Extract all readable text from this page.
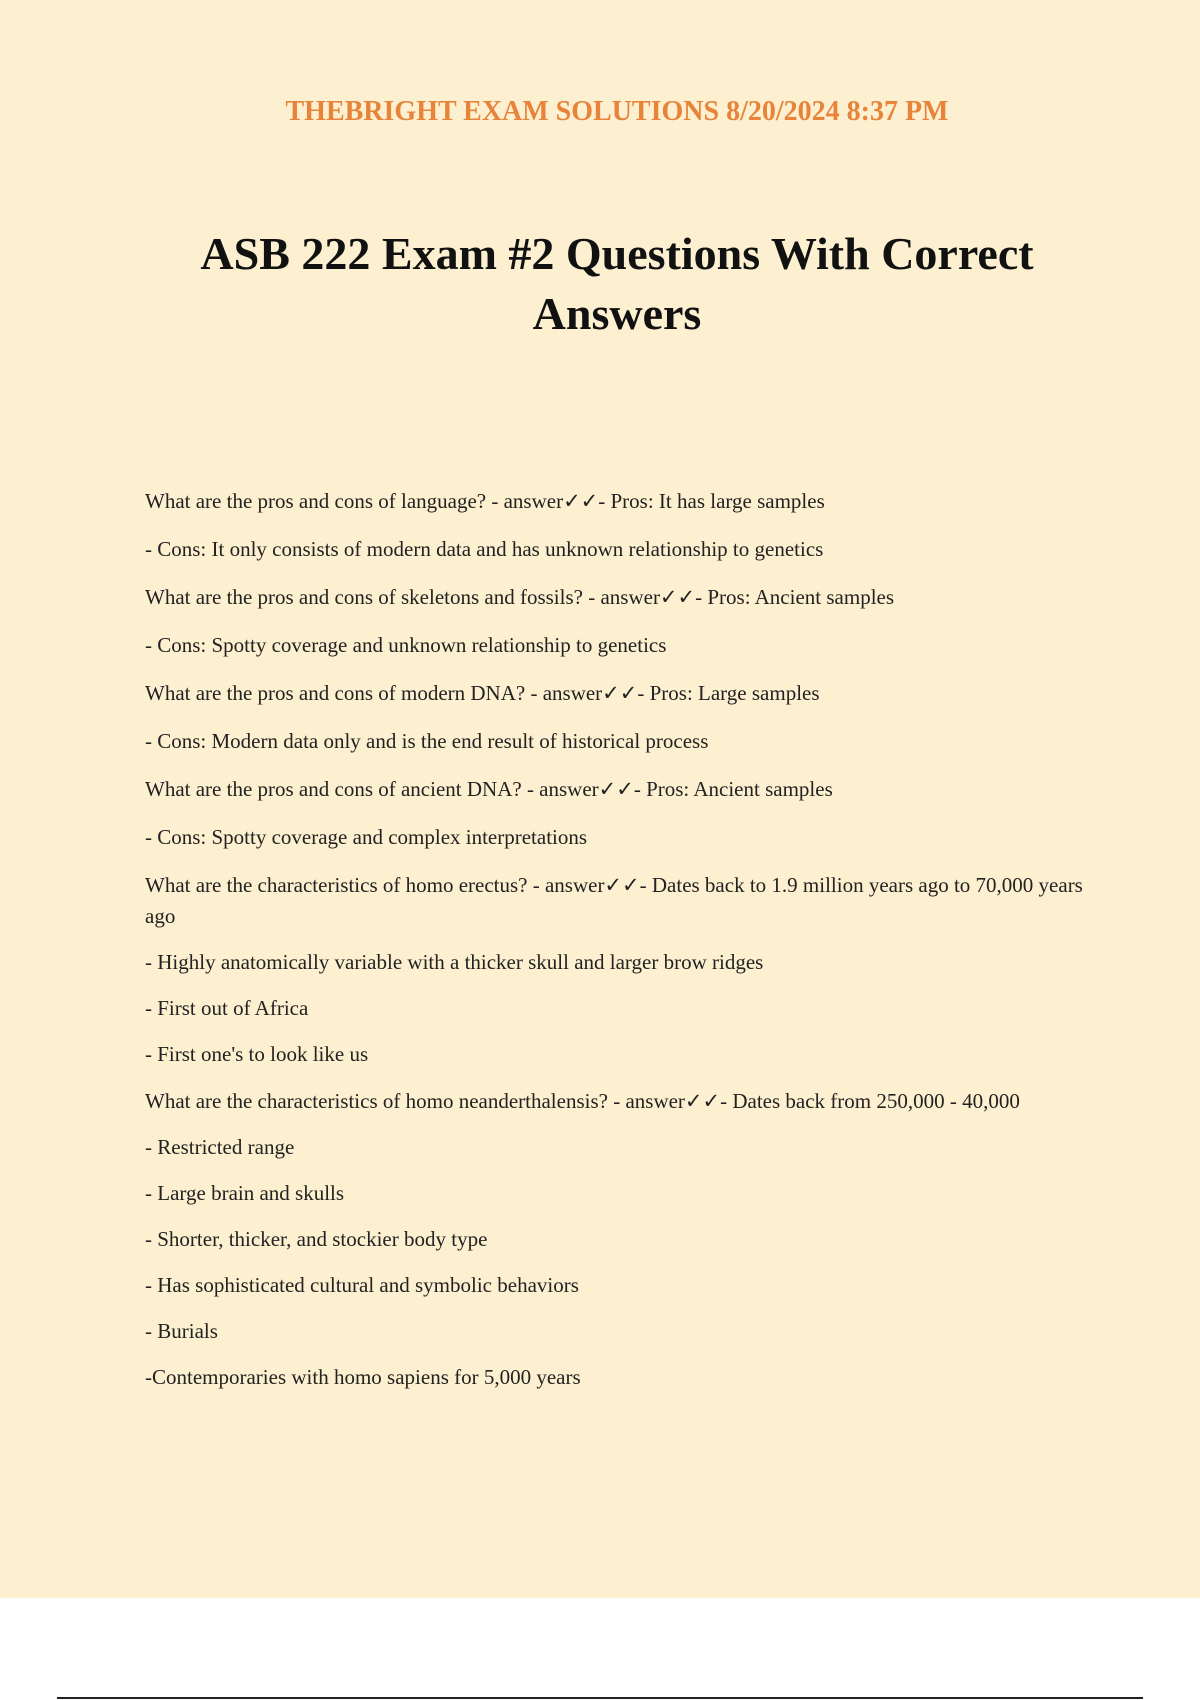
THEBRIGHT EXAM SOLUTIONS 8/20/2024 8:37 PM

ASB 222 Exam #2 Questions With Correct Answers

What are the pros and cons of language? - answer✓✓- Pros: It has large samples

- Cons: It only consists of modern data and has unknown relationship to genetics

What are the pros and cons of skeletons and fossils? - answer✓✓- Pros: Ancient samples

- Cons: Spotty coverage and unknown relationship to genetics

What are the pros and cons of modern DNA? - answer✓✓- Pros: Large samples

- Cons: Modern data only and is the end result of historical process

What are the pros and cons of ancient DNA? - answer✓✓- Pros: Ancient samples

- Cons: Spotty coverage and complex interpretations

What are the characteristics of homo erectus? - answer✓✓- Dates back to 1.9 million years ago to 70,000 years ago

- Highly anatomically variable with a thicker skull and larger brow ridges

- First out of Africa

- First one's to look like us

What are the characteristics of homo neanderthalensis? - answer✓✓- Dates back from 250,000 - 40,000

- Restricted range

- Large brain and skulls

- Shorter, thicker, and stockier body type

- Has sophisticated cultural and symbolic behaviors

- Burials

-Contemporaries with homo sapiens for 5,000 years
